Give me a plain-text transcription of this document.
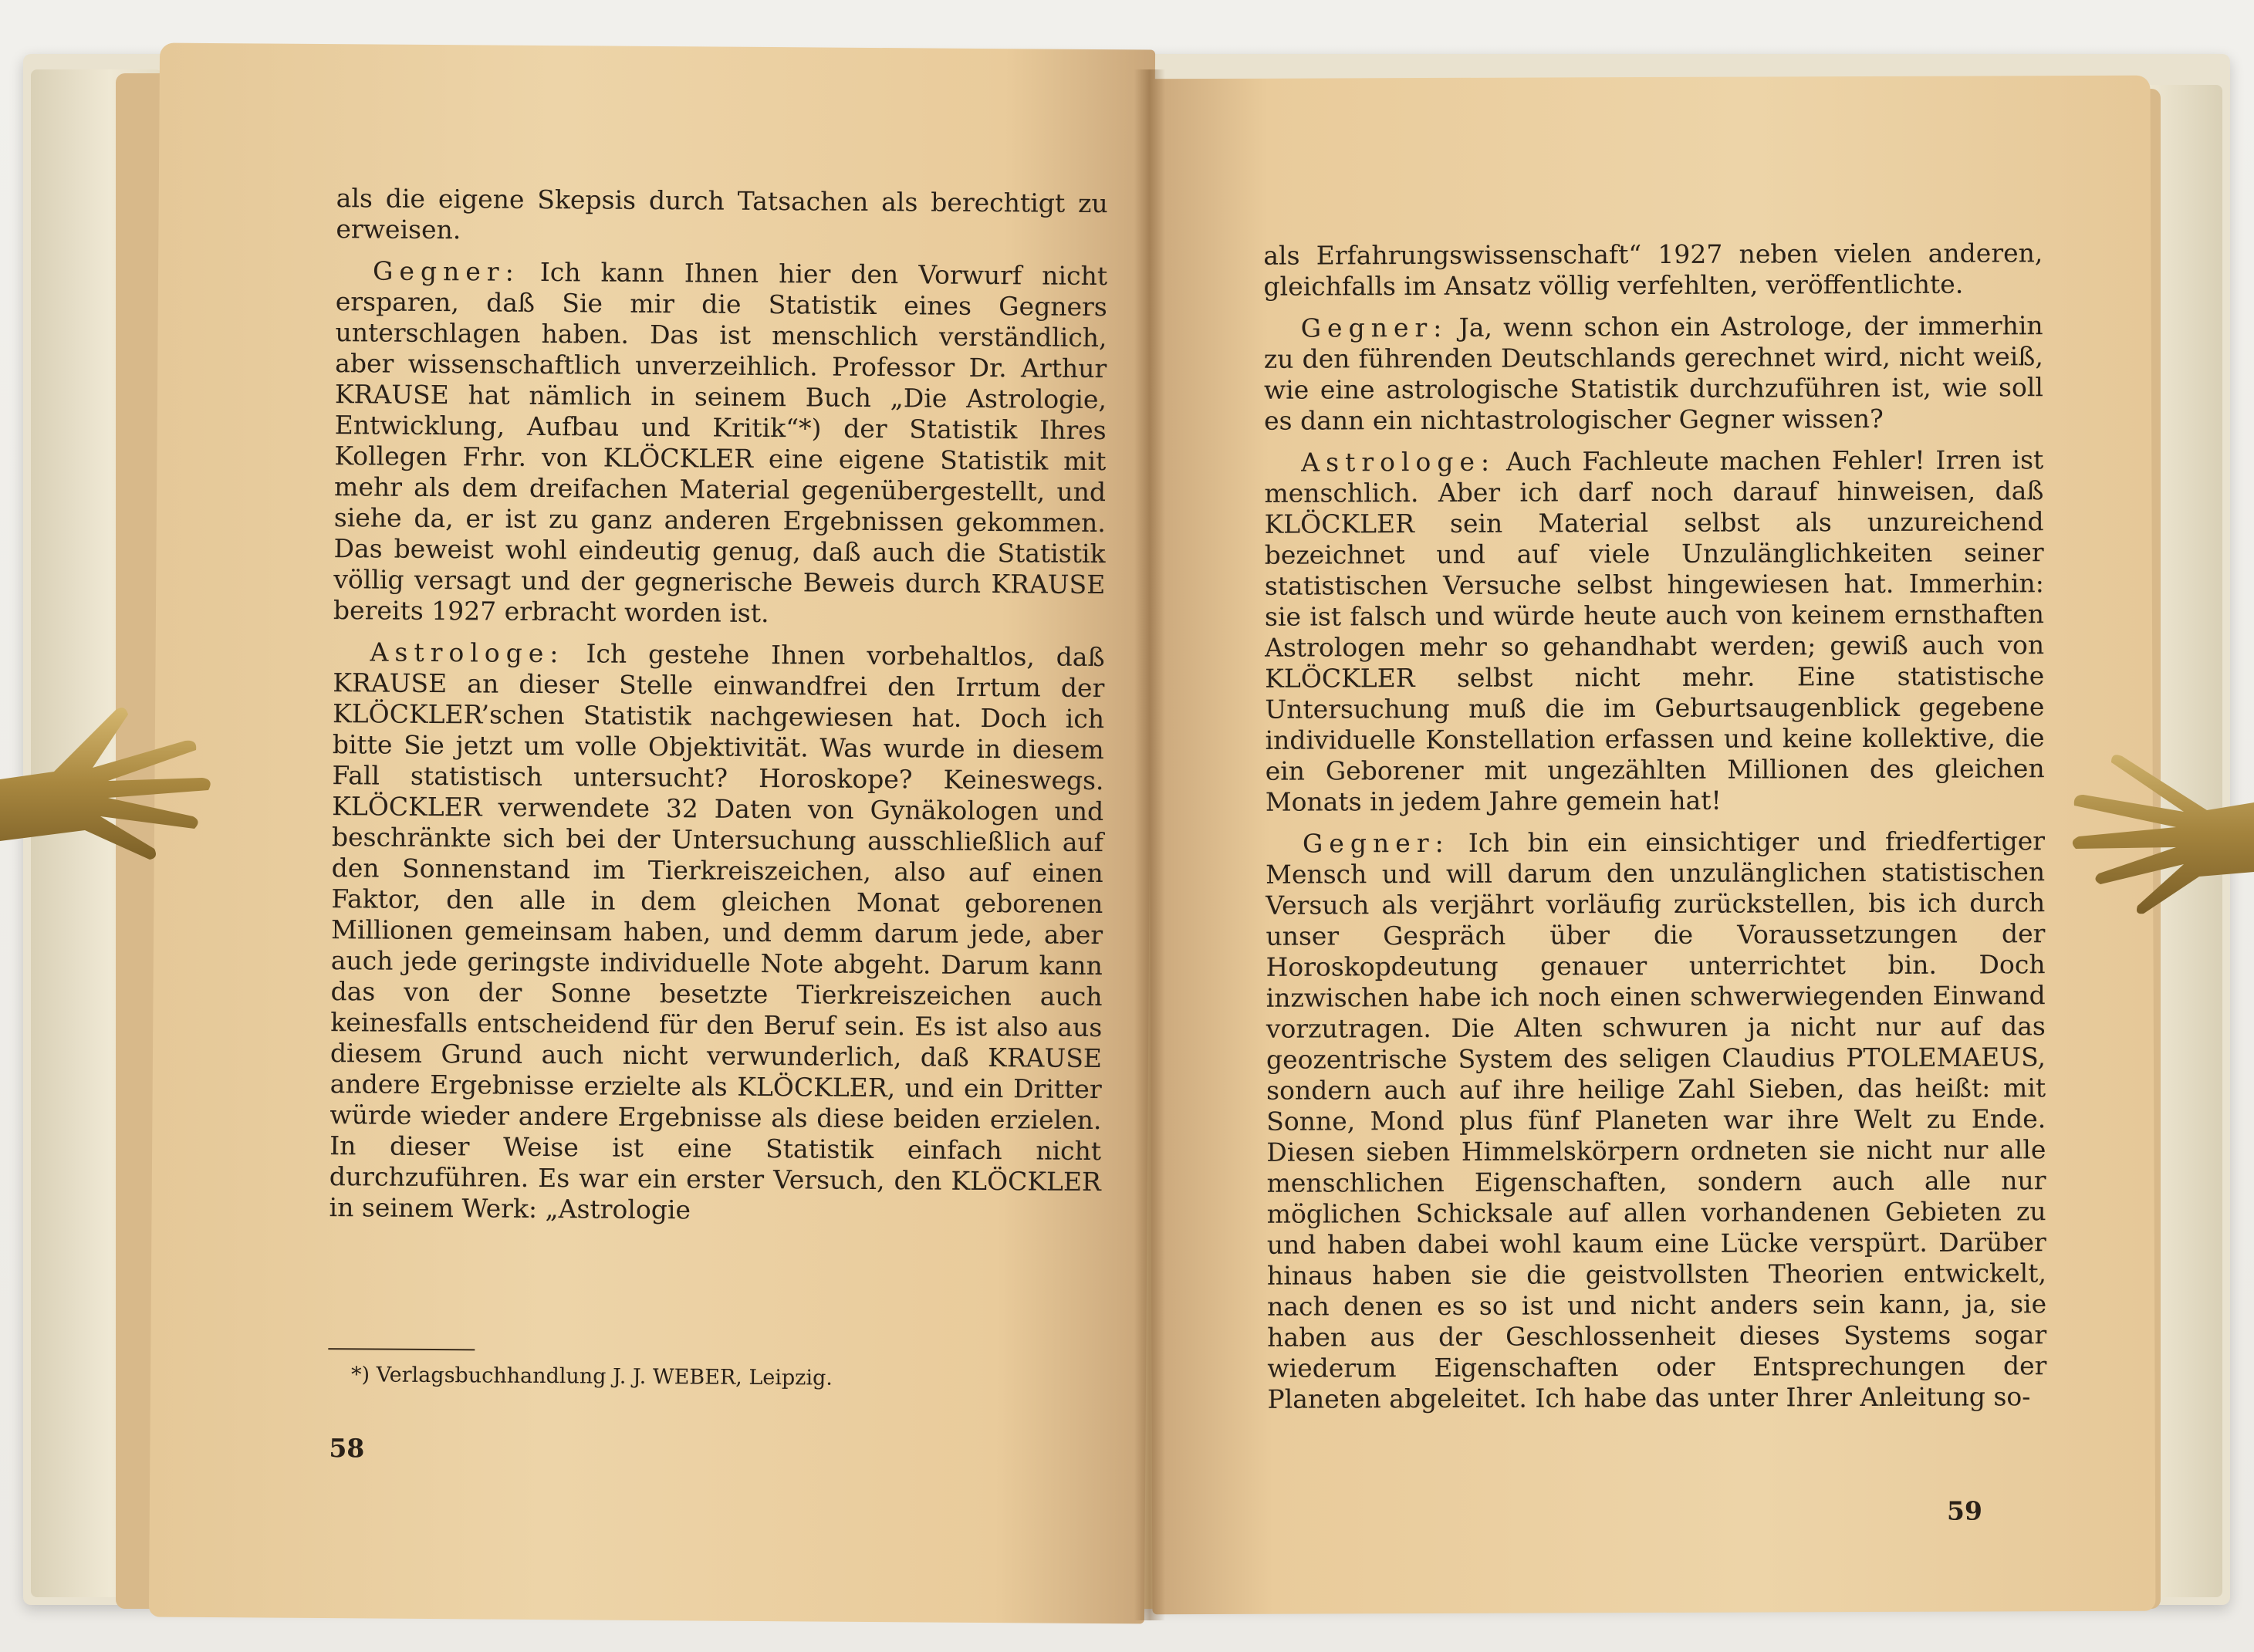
als die eigene Skepsis durch Tatsachen als berechtigt zu erweisen.

Gegner: Ich kann Ihnen hier den Vorwurf nicht ersparen, daß Sie mir die Statistik eines Gegners unterschlagen haben. Das ist menschlich verständlich, aber wissenschaftlich unverzeihlich. Professor Dr. Arthur KRAUSE hat nämlich in seinem Buch „Die Astrologie, Entwicklung, Aufbau und Kritik“*) der Statistik Ihres Kollegen Frhr. von KLÖCKLER eine eigene Statistik mit mehr als dem dreifachen Material gegenübergestellt, und siehe da, er ist zu ganz anderen Ergebnissen gekommen. Das beweist wohl eindeutig genug, daß auch die Statistik völlig versagt und der gegnerische Beweis durch KRAUSE bereits 1927 erbracht worden ist.

Astrologe: Ich gestehe Ihnen vorbehaltlos, daß KRAUSE an dieser Stelle einwandfrei den Irrtum der KLÖCKLER’schen Statistik nachgewiesen hat. Doch ich bitte Sie jetzt um volle Objektivität. Was wurde in diesem Fall statistisch untersucht? Horoskope? Keineswegs. KLÖCKLER verwendete 32 Daten von Gynäkologen und beschränkte sich bei der Untersuchung ausschließlich auf den Sonnenstand im Tierkreiszeichen, also auf einen Faktor, den alle in dem gleichen Monat geborenen Millionen gemeinsam haben, und demm darum jede, aber auch jede geringste individuelle Note abgeht. Darum kann das von der Sonne besetzte Tierkreiszeichen auch keinesfalls entscheidend für den Beruf sein. Es ist also aus diesem Grund auch nicht verwunderlich, daß KRAUSE andere Ergebnisse erzielte als KLÖCKLER, und ein Dritter würde wieder andere Ergebnisse als diese beiden erzielen. In dieser Weise ist eine Statistik einfach nicht durchzuführen. Es war ein erster Versuch, den KLÖCKLER in seinem Werk: „Astrologie

*) Verlagsbuchhandlung J. J. WEBER, Leipzig.
58

als Erfahrungswissenschaft“ 1927 neben vielen anderen, gleichfalls im Ansatz völlig verfehlten, veröffentlichte.

Gegner: Ja, wenn schon ein Astrologe, der immerhin zu den führenden Deutschlands gerechnet wird, nicht weiß, wie eine astrologische Statistik durchzuführen ist, wie soll es dann ein nichtastrologischer Gegner wissen?

Astrologe: Auch Fachleute machen Fehler! Irren ist menschlich. Aber ich darf noch darauf hinweisen, daß KLÖCKLER sein Material selbst als unzureichend bezeichnet und auf viele Unzulänglichkeiten seiner statistischen Versuche selbst hingewiesen hat. Immerhin: sie ist falsch und würde heute auch von keinem ernsthaften Astrologen mehr so gehandhabt werden; gewiß auch von KLÖCKLER selbst nicht mehr. Eine statistische Untersuchung muß die im Geburtsaugenblick gegebene individuelle Konstellation erfassen und keine kollektive, die ein Geborener mit ungezählten Millionen des gleichen Monats in jedem Jahre gemein hat!

Gegner: Ich bin ein einsichtiger und friedfertiger Mensch und will darum den unzulänglichen statistischen Versuch als verjährt vorläufig zurückstellen, bis ich durch unser Gespräch über die Voraussetzungen der Horoskopdeutung genauer unterrichtet bin. Doch inzwischen habe ich noch einen schwerwiegenden Einwand vorzutragen. Die Alten schwuren ja nicht nur auf das geozentrische System des seligen Claudius PTOLEMAEUS, sondern auch auf ihre heilige Zahl Sieben, das heißt: mit Sonne, Mond plus fünf Planeten war ihre Welt zu Ende. Diesen sieben Himmelskörpern ordneten sie nicht nur alle menschlichen Eigenschaften, sondern auch alle nur möglichen Schicksale auf allen vorhandenen Gebieten zu und haben dabei wohl kaum eine Lücke verspürt. Darüber hinaus haben sie die geistvollsten Theorien entwickelt, nach denen es so ist und nicht anders sein kann, ja, sie haben aus der Geschlossenheit dieses Systems sogar wiederum Eigenschaften oder Entsprechungen der Planeten abgeleitet. Ich habe das unter Ihrer Anleitung so-

59
